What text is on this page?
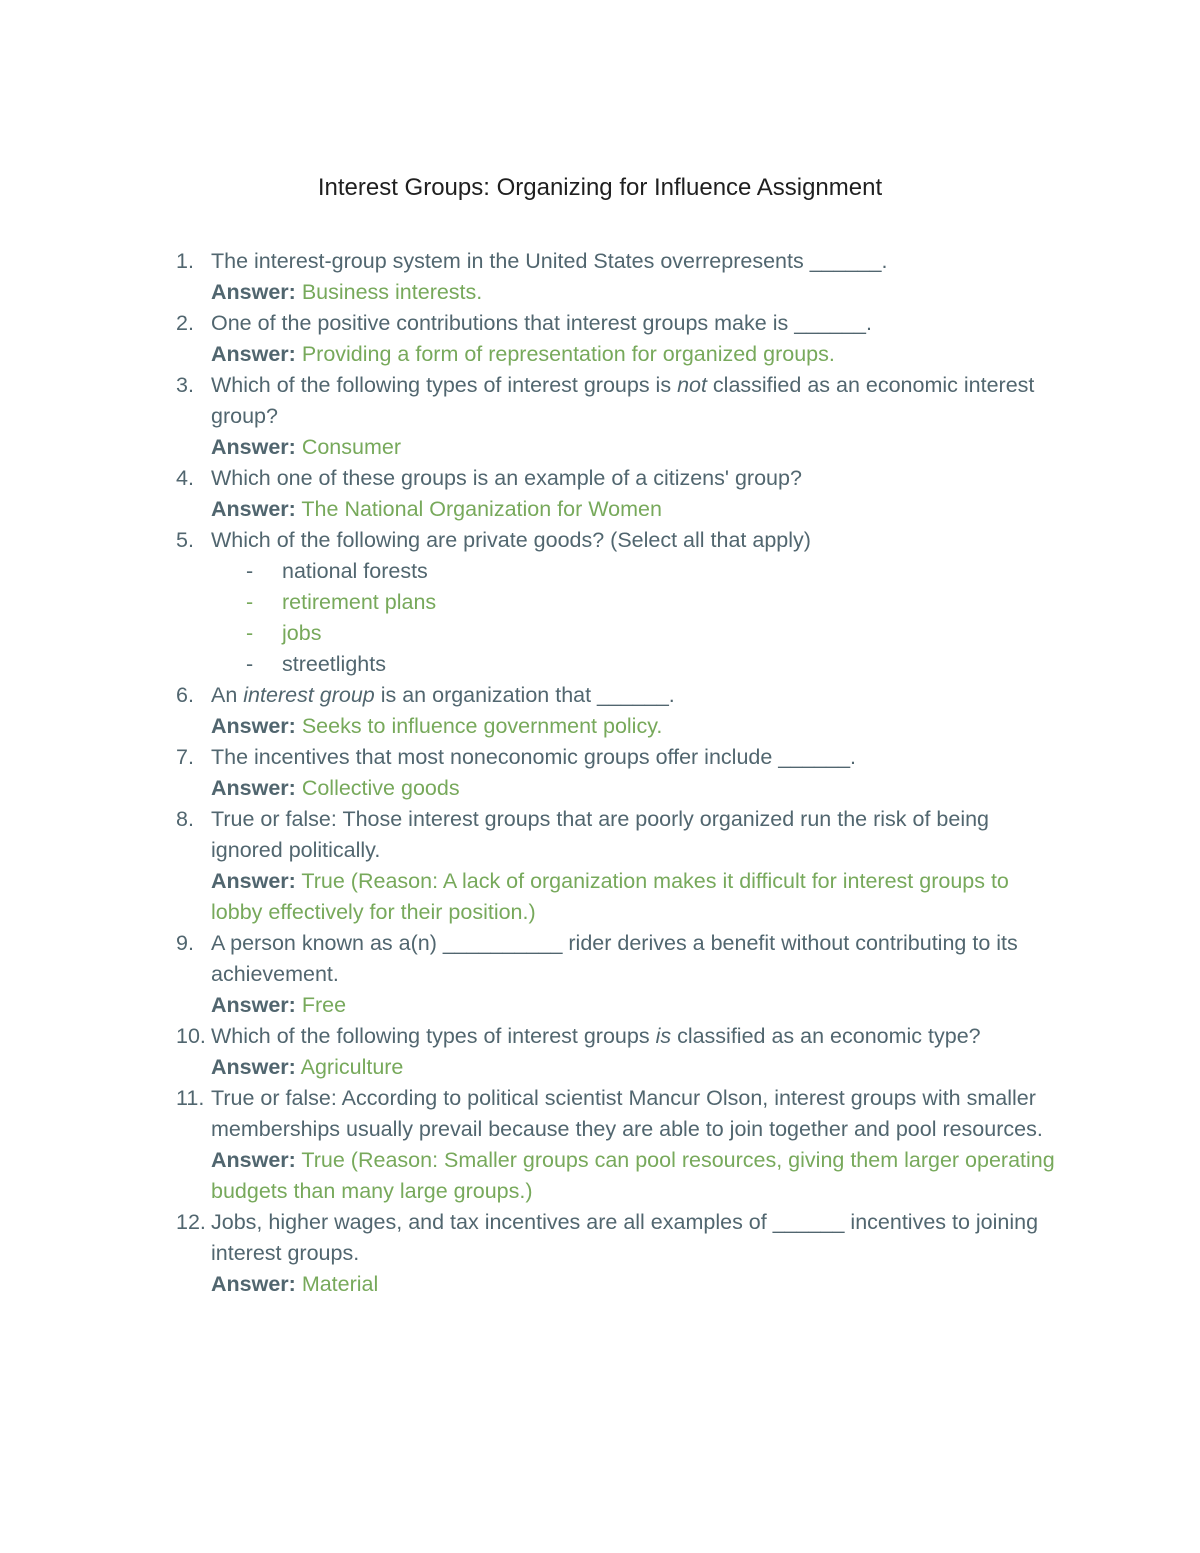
Interest Groups: Organizing for Influence Assignment
1. The interest-group system in the United States overrepresents ______.
Answer: Business interests.
2. One of the positive contributions that interest groups make is ______.
Answer: Providing a form of representation for organized groups.
3. Which of the following types of interest groups is not classified as an economic interest group?
Answer: Consumer
4. Which one of these groups is an example of a citizens' group?
Answer: The National Organization for Women
5. Which of the following are private goods? (Select all that apply)
- national forests
- retirement plans
- jobs
- streetlights
6. An interest group is an organization that ______.
Answer: Seeks to influence government policy.
7. The incentives that most noneconomic groups offer include ______.
Answer: Collective goods
8. True or false: Those interest groups that are poorly organized run the risk of being ignored politically.
Answer: True (Reason: A lack of organization makes it difficult for interest groups to lobby effectively for their position.)
9. A person known as a(n) __________ rider derives a benefit without contributing to its achievement.
Answer: Free
10. Which of the following types of interest groups is classified as an economic type?
Answer: Agriculture
11. True or false: According to political scientist Mancur Olson, interest groups with smaller memberships usually prevail because they are able to join together and pool resources.
Answer: True (Reason: Smaller groups can pool resources, giving them larger operating budgets than many large groups.)
12. Jobs, higher wages, and tax incentives are all examples of ______ incentives to joining interest groups.
Answer: Material
